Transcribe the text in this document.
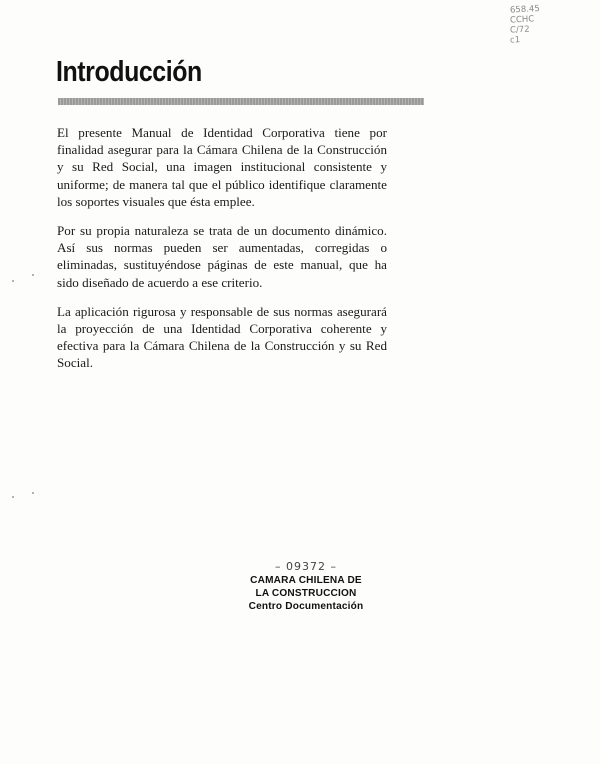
658.45
CCHC
C/72
c1
Introducción

El presente Manual de Identidad Corporativa tiene por finalidad asegurar para la Cámara Chilena de la Construcción y su Red Social, una imagen institucional consistente y uniforme; de manera tal que el público identifique claramente los soportes visuales que ésta emplee.

Por su propia naturaleza se trata de un documento dinámico. Así sus normas pueden ser aumentadas, corregidas o eliminadas, sustituyéndose páginas de este manual, que ha sido diseñado de acuerdo a ese criterio.

La aplicación rigurosa y responsable de sus normas asegurará la proyección de una Identidad Corporativa coherente y efectiva para la Cámara Chilena de la Construcción y su Red Social.

– 09372 –
CAMARA CHILENA DE
LA CONSTRUCCION
Centro Documentación
